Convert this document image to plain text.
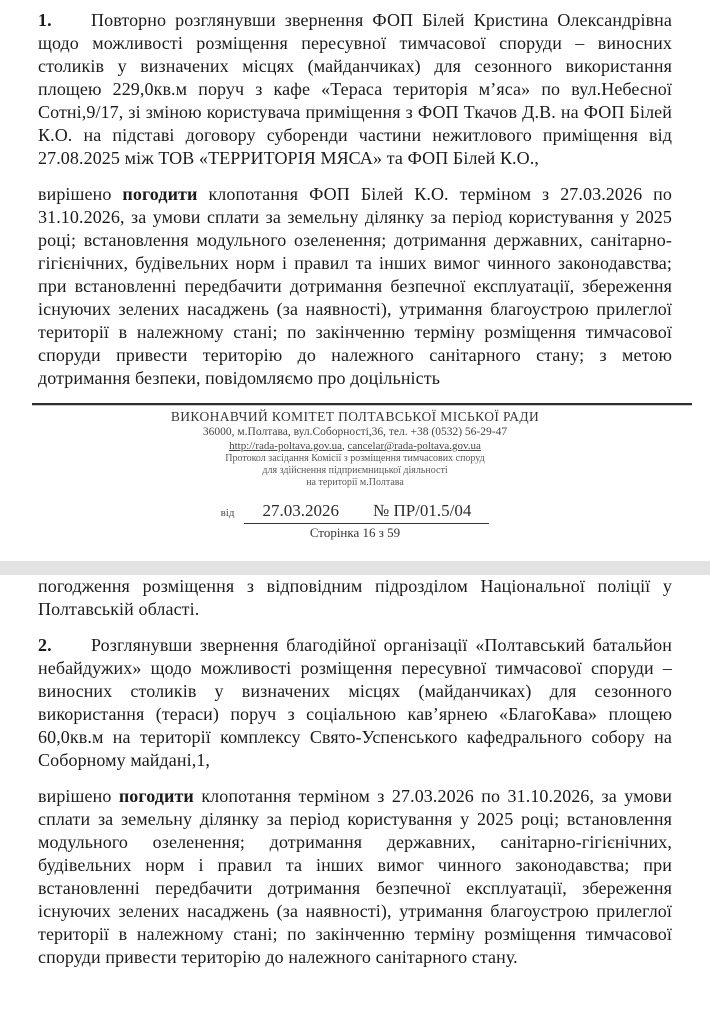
1. Повторно розглянувши звернення ФОП Білей Кристина Олександрівна щодо можливості розміщення пересувної тимчасової споруди – виносних столиків у визначених місцях (майданчиках) для сезонного використання площею 229,0кв.м поруч з кафе «Тераса територія м’яса» по вул.Небесної Сотні,9/17, зі зміною користувача приміщення з ФОП Ткачов Д.В. на ФОП Білей К.О. на підставі договору суборенди частини нежитлового приміщення від 27.08.2025 між ТОВ «ТЕРРИТОРІЯ МЯСА» та ФОП Білей К.О.,

вирішено погодити клопотання ФОП Білей К.О. терміном з 27.03.2026 по 31.10.2026, за умови сплати за земельну ділянку за період користування у 2025 році; встановлення модульного озеленення; дотримання державних, санітарно-гігієнічних, будівельних норм і правил та інших вимог чинного законодавства; при встановленні передбачити дотримання безпечної експлуатації, збереження існуючих зелених насаджень (за наявності), утримання благоустрою прилеглої території в належному стані; по закінченню терміну розміщення тимчасової споруди привести територію до належного санітарного стану; з метою дотримання безпеки, повідомляємо про доцільність

ВИКОНАВЧИЙ КОМІТЕТ ПОЛТАВСЬКОЇ МІСЬКОЇ РАДИ
36000, м.Полтава, вул.Соборності,36, тел. +38 (0532) 56-29-47
http://rada-poltava.gov.ua, cancelar@rada-poltava.gov.ua
Протокол засідання Комісії з розміщення тимчасових споруд
для здійснення підприємницької діяльності
на території м.Полтава
від 27.03.2026 № ПР/01.5/04
Сторінка 16 з 59

погодження розміщення з відповідним підрозділом Національної поліції у Полтавській області.

2. Розглянувши звернення благодійної організації «Полтавський батальйон небайдужих» щодо можливості розміщення пересувної тимчасової споруди – виносних столиків у визначених місцях (майданчиках) для сезонного використання (тераси) поруч з соціальною кав’ярнею «БлагоКава» площею 60,0кв.м на території комплексу Свято-Успенського кафедрального собору на Соборному майдані,1,

вирішено погодити клопотання терміном з 27.03.2026 по 31.10.2026, за умови сплати за земельну ділянку за період користування у 2025 році; встановлення модульного озеленення; дотримання державних, санітарно-гігієнічних, будівельних норм і правил та інших вимог чинного законодавства; при встановленні передбачити дотримання безпечної експлуатації, збереження існуючих зелених насаджень (за наявності), утримання благоустрою прилеглої території в належному стані; по закінченню терміну розміщення тимчасової споруди привести територію до належного санітарного стану.
